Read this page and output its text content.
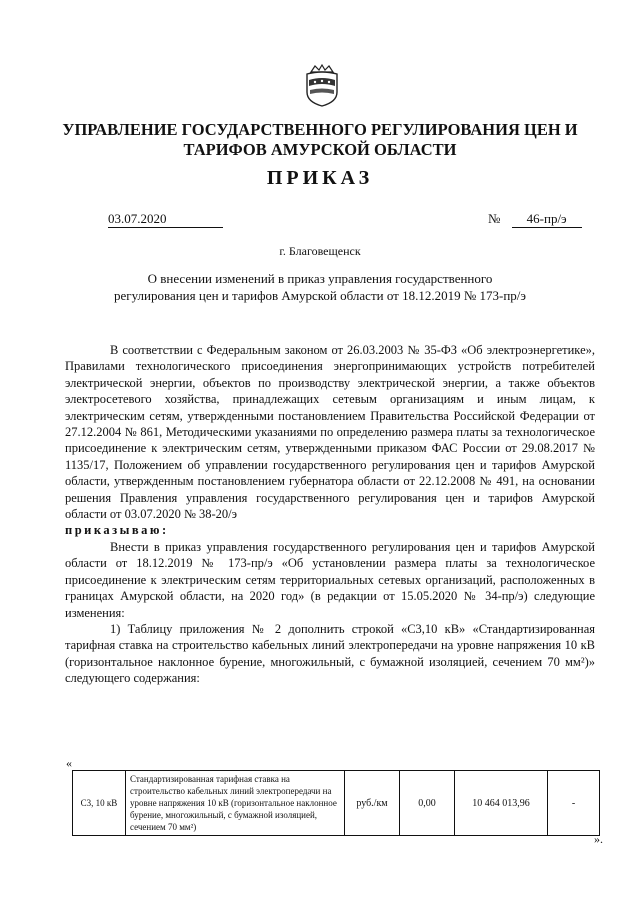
УПРАВЛЕНИЕ ГОСУДАРСТВЕННОГО РЕГУЛИРОВАНИЯ ЦЕН И
ТАРИФОВ АМУРСКОЙ ОБЛАСТИ
ПРИКАЗ
03.07.2020	№ 46-пр/э
г. Благовещенск
О внесении изменений в приказ управления государственного
регулирования цен и тарифов Амурской области от 18.12.2019 № 173-пр/э

В соответствии с Федеральным законом от 26.03.2003 № 35-ФЗ «Об электроэнергетике», Правилами технологического присоединения энергопринимающих устройств потребителей электрической энергии, объектов по производству электрической энергии, а также объектов электросетевого хозяйства, принадлежащих сетевым организациям и иным лицам, к электрическим сетям, утвержденными постановлением Правительства Российской Федерации от 27.12.2004 № 861, Методическими указаниями по определению размера платы за технологическое присоединение к электрическим сетям, утвержденными приказом ФАС России от 29.08.2017 № 1135/17, Положением об управлении государственного регулирования цен и тарифов Амурской области, утвержденным постановлением губернатора области от 22.12.2008 № 491, на основании решения Правления управления государственного регулирования цен и тарифов Амурской области от 03.07.2020 № 38-20/э

приказываю:

Внести в приказ управления государственного регулирования цен и тарифов Амурской области от 18.12.2019 № 173-пр/э «Об установлении размера платы за технологическое присоединение к электрическим сетям территориальных сетевых организаций, расположенных в границах Амурской области, на 2020 год» (в редакции от 15.05.2020 № 34-пр/э) следующие изменения:

1) Таблицу приложения № 2 дополнить строкой «С3,10 кВ» «Стандартизированная тарифная ставка на строительство кабельных линий электропередачи на уровне напряжения 10 кВ (горизонтальное наклонное бурение, многожильный, с бумажной изоляцией, сечением 70 мм²)» следующего содержания:

«
С3, 10 кВ	Стандартизированная тарифная ставка на строительство кабельных линий электропередачи на уровне напряжения 10 кВ (горизонтальное наклонное бурение, многожильный, с бумажной изоляцией, сечением 70 мм²)	руб./км	0,00	10 464 013,96	-
».
